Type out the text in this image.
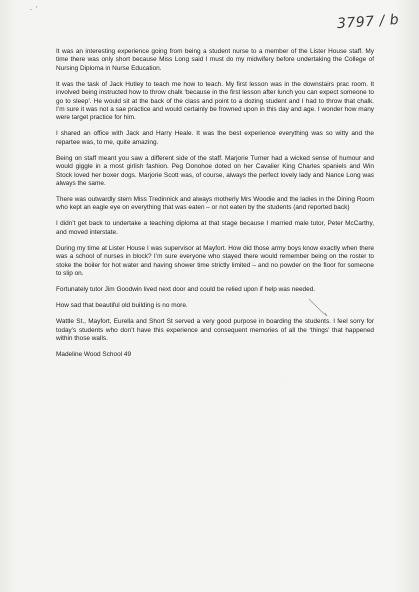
· ´
3797 / b

It was an interesting experience going from being a student nurse to a member of the Lister House staff. My time there was only short because Miss Long said I must do my midwifery before undertaking the College of Nursing Diploma in Nurse Education.

It was the task of Jack Hutley to teach me how to teach. My first lesson was in the downstairs prac room. It involved being instructed how to throw chalk ‘because in the first lesson after lunch you can expect someone to go to sleep’. He would sit at the back of the class and point to a dozing student and I had to throw that chalk. I’m sure it was not a sae practice and would certainly be frowned upon in this day and age. I wonder how many were target practice for him.

I shared an office with Jack and Harry Heale. It was the best experience everything was so witty and the repartee was, to me, quite amazing.

Being on staff meant you saw a different side of the staff. Marjorie Turner had a wicked sense of humour and would giggle in a most girlish fashion. Peg Donohoe doted on her Cavalier King Charles spaniels and Win Stock loved her boxer dogs. Marjorie Scott was, of course, always the perfect lovely lady and Nance Long was always the same.

There was outwardly stern Miss Tredinnick and always motherly Mrs Woodie and the ladies in the Dining Room who kept an eagle eye on everything that was eaten – or not eaten by the students (and reported back)

I didn’t get back to undertake a teaching diploma at that stage because I married male tutor, Peter McCarthy, and moved interstate.

During my time at Lister House I was supervisor at Mayfort. How did those army boys know exactly when there was a school of nurses in block? I’m sure everyone who stayed there would remember being on the roster to stoke the boiler for hot water and having shower time strictly limited – and no powder on the floor for someone to slip on.

Fortunately tutor Jim Goodwin lived next door and could be relied upon if help was needed.

How sad that beautiful old building is no more.

Wattle St., Mayfort, Eurella and Short St served a very good purpose in boarding the students. I feel sorry for today’s students who don’t have this experience and consequent memories of all the ‘things’ that happened within those walls.

Madeline Wood School 49
